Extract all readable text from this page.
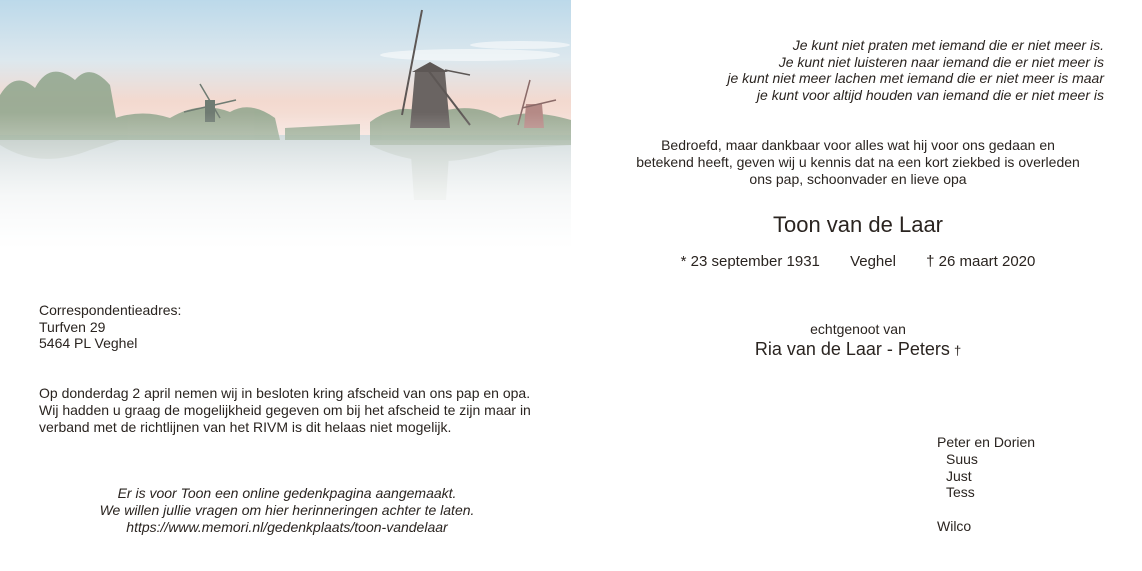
Je kunt niet praten met iemand die er niet meer is.
Je kunt niet luisteren naar iemand die er niet meer is
je kunt niet meer lachen met iemand die er niet meer is maar
je kunt voor altijd houden van iemand die er niet meer is
Bedroefd, maar dankbaar voor alles wat hij voor ons gedaan en
betekend heeft, geven wij u kennis dat na een kort ziekbed is overleden
ons pap, schoonvader en lieve opa
Toon van de Laar
* 23 september 1931 Veghel † 26 maart 2020
echtgenoot van
Ria van de Laar - Peters †
Correspondentieadres:
Turfven 29
5464 PL Veghel
Op donderdag 2 april nemen wij in besloten kring afscheid van ons pap en opa. Wij hadden u graag de mogelijkheid gegeven om bij het afscheid te zijn maar in verband met de richtlijnen van het RIVM is dit helaas niet mogelijk.
Er is voor Toon een online gedenkpagina aangemaakt.
We willen jullie vragen om hier herinneringen achter te laten.
https://www.memori.nl/gedenkplaats/toon-vandelaar
Peter en Dorien
Suus
Just
Tess
Wilco
